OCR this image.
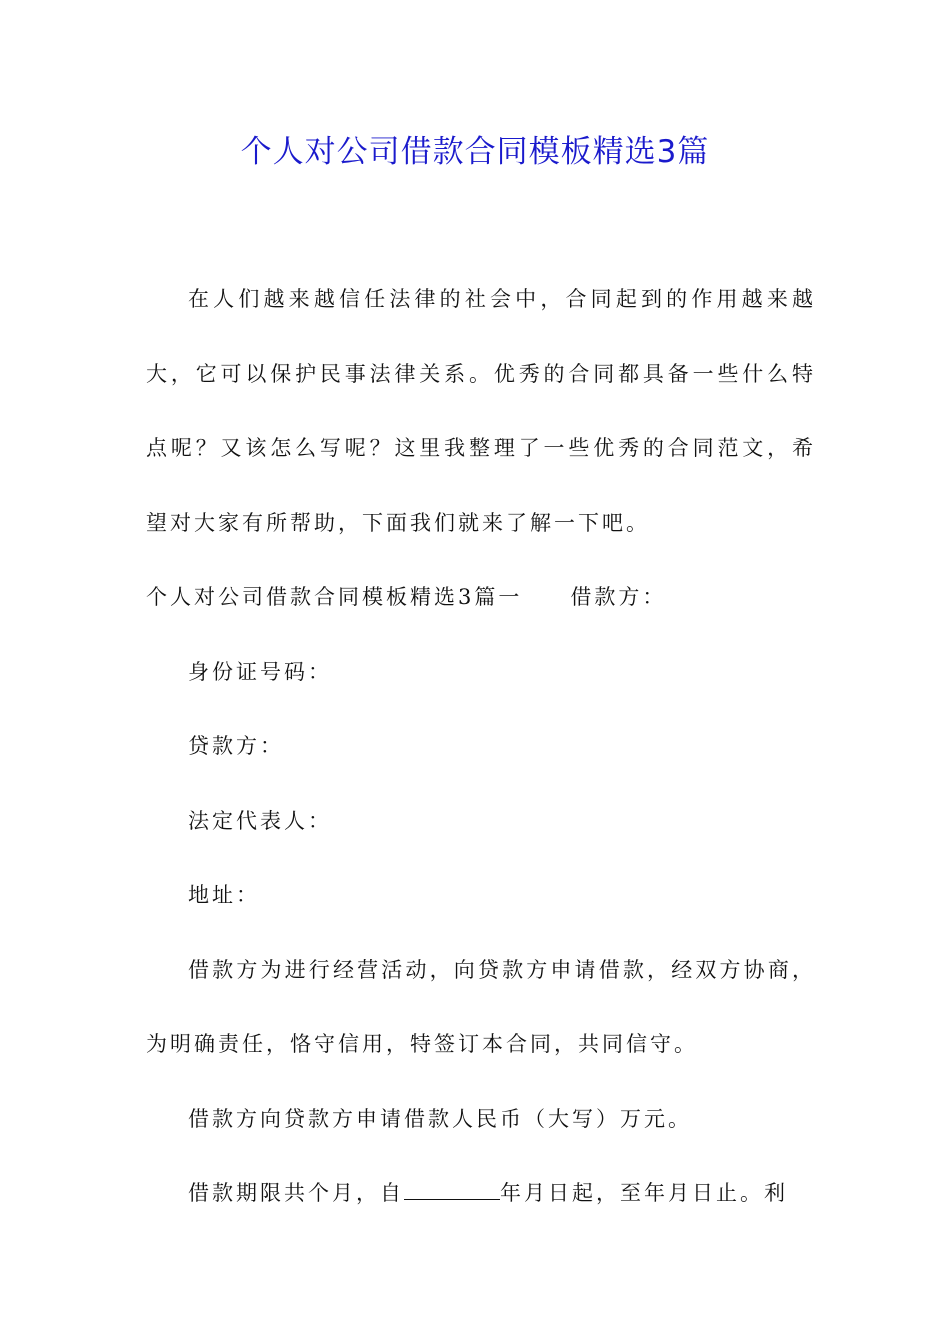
个人对公司借款合同模板精选3篇

在人们越来越信任法律的社会中，合同起到的作用越来越大，它可以保护民事法律关系。优秀的合同都具备一些什么特点呢？又该怎么写呢？这里我整理了一些优秀的合同范文，希望对大家有所帮助，下面我们就来了解一下吧。

个人对公司借款合同模板精选3篇一 借款方：

身份证号码：

贷款方：

法定代表人：

地址：

借款方为进行经营活动，向贷款方申请借款，经双方协商，为明确责任，恪守信用，特签订本合同，共同信守。

借款方向贷款方申请借款人民币（大写）万元。

借款期限共个月，自	年月日起，至年月日止。利
